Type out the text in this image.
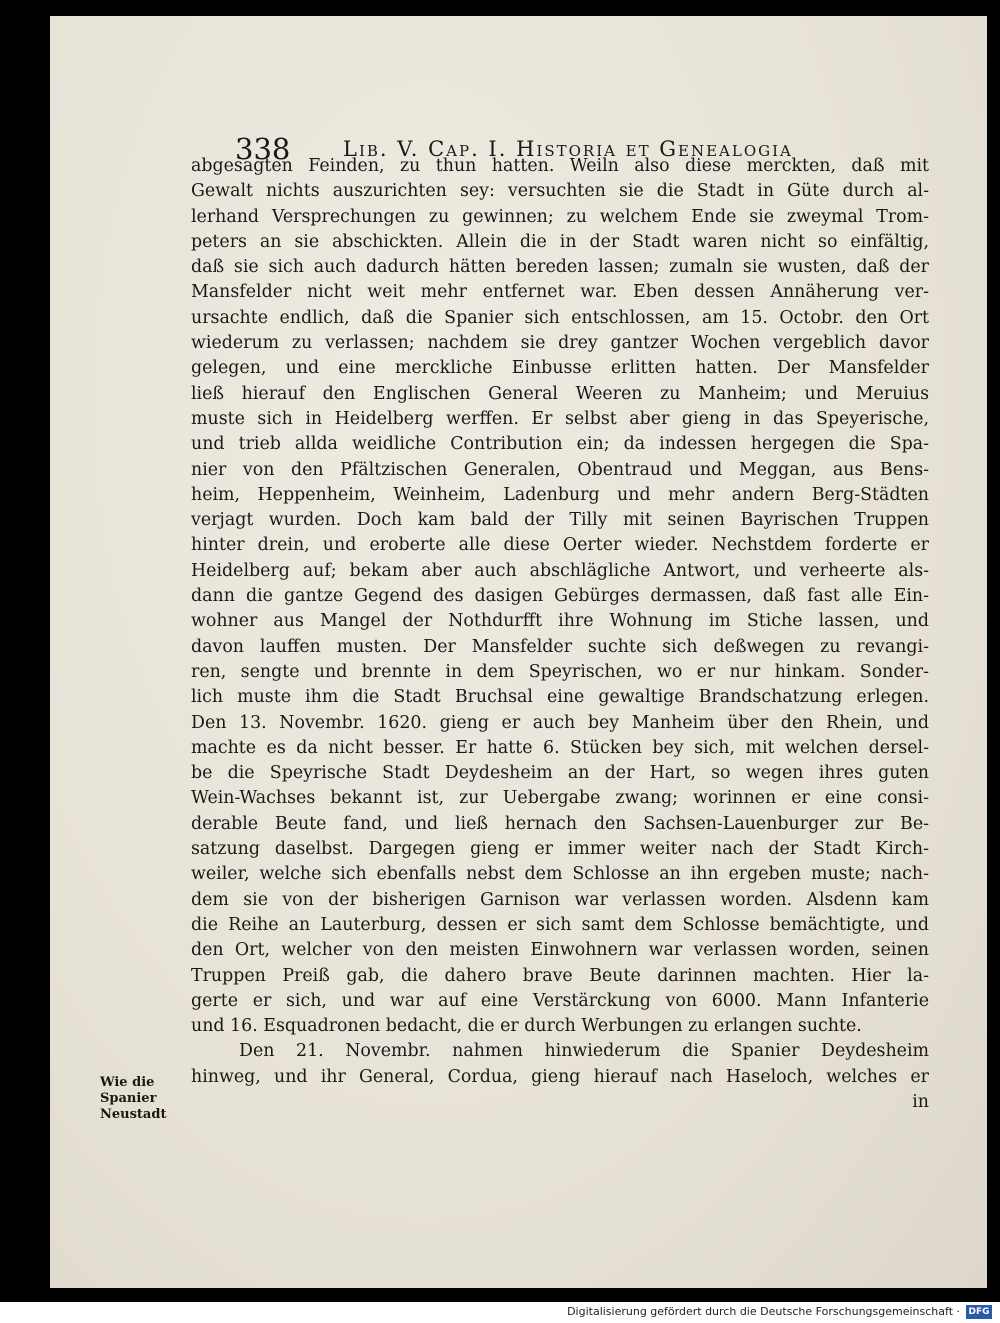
338	Lib. V. Cap. I. Historia et Genealogia
abgesagten Feinden, zu thun hatten. Weiln also diese merckten, daß mit
Gewalt nichts auszurichten sey: versuchten sie die Stadt in Güte durch al-
lerhand Versprechungen zu gewinnen; zu welchem Ende sie zweymal Trom-
peters an sie abschickten. Allein die in der Stadt waren nicht so einfältig,
daß sie sich auch dadurch hätten bereden lassen; zumaln sie wusten, daß der
Mansfelder nicht weit mehr entfernet war. Eben dessen Annäherung ver-
ursachte endlich, daß die Spanier sich entschlossen, am 15. Octobr. den Ort
wiederum zu verlassen; nachdem sie drey gantzer Wochen vergeblich davor
gelegen, und eine merckliche Einbusse erlitten hatten. Der Mansfelder
ließ hierauf den Englischen General Weeren zu Manheim; und Meruius
muste sich in Heidelberg werffen. Er selbst aber gieng in das Speyerische,
und trieb allda weidliche Contribution ein; da indessen hergegen die Spa-
nier von den Pfältzischen Generalen, Obentraud und Meggan, aus Bens-
heim, Heppenheim, Weinheim, Ladenburg und mehr andern Berg-Städten
verjagt wurden. Doch kam bald der Tilly mit seinen Bayrischen Truppen
hinter drein, und eroberte alle diese Oerter wieder. Nechstdem forderte er
Heidelberg auf; bekam aber auch abschlägliche Antwort, und verheerte als-
dann die gantze Gegend des dasigen Gebürges dermassen, daß fast alle Ein-
wohner aus Mangel der Nothdurfft ihre Wohnung im Stiche lassen, und
davon lauffen musten. Der Mansfelder suchte sich deßwegen zu revangi-
ren, sengte und brennte in dem Speyrischen, wo er nur hinkam. Sonder-
lich muste ihm die Stadt Bruchsal eine gewaltige Brandschatzung erlegen.
Den 13. Novembr. 1620. gieng er auch bey Manheim über den Rhein, und
machte es da nicht besser. Er hatte 6. Stücken bey sich, mit welchen dersel-
be die Speyrische Stadt Deydesheim an der Hart, so wegen ihres guten
Wein-Wachses bekannt ist, zur Uebergabe zwang; worinnen er eine consi-
derable Beute fand, und ließ hernach den Sachsen-Lauenburger zur Be-
satzung daselbst. Dargegen gieng er immer weiter nach der Stadt Kirch-
weiler, welche sich ebenfalls nebst dem Schlosse an ihn ergeben muste; nach-
dem sie von der bisherigen Garnison war verlassen worden. Alsdenn kam
die Reihe an Lauterburg, dessen er sich samt dem Schlosse bemächtigte, und
den Ort, welcher von den meisten Einwohnern war verlassen worden, seinen
Truppen Preiß gab, die dahero brave Beute darinnen machten. Hier la-
gerte er sich, und war auf eine Verstärckung von 6000. Mann Infanterie
und 16. Esquadronen bedacht, die er durch Werbungen zu erlangen suchte.
Den 21. Novembr. nahmen hinwiederum die Spanier Deydesheim
hinweg, und ihr General, Cordua, gieng hierauf nach Haseloch, welches er
in
Wie die
Spanier
Neustadt
Digitalisierung gefördert durch die Deutsche Forschungsgemeinschaft · DFG
